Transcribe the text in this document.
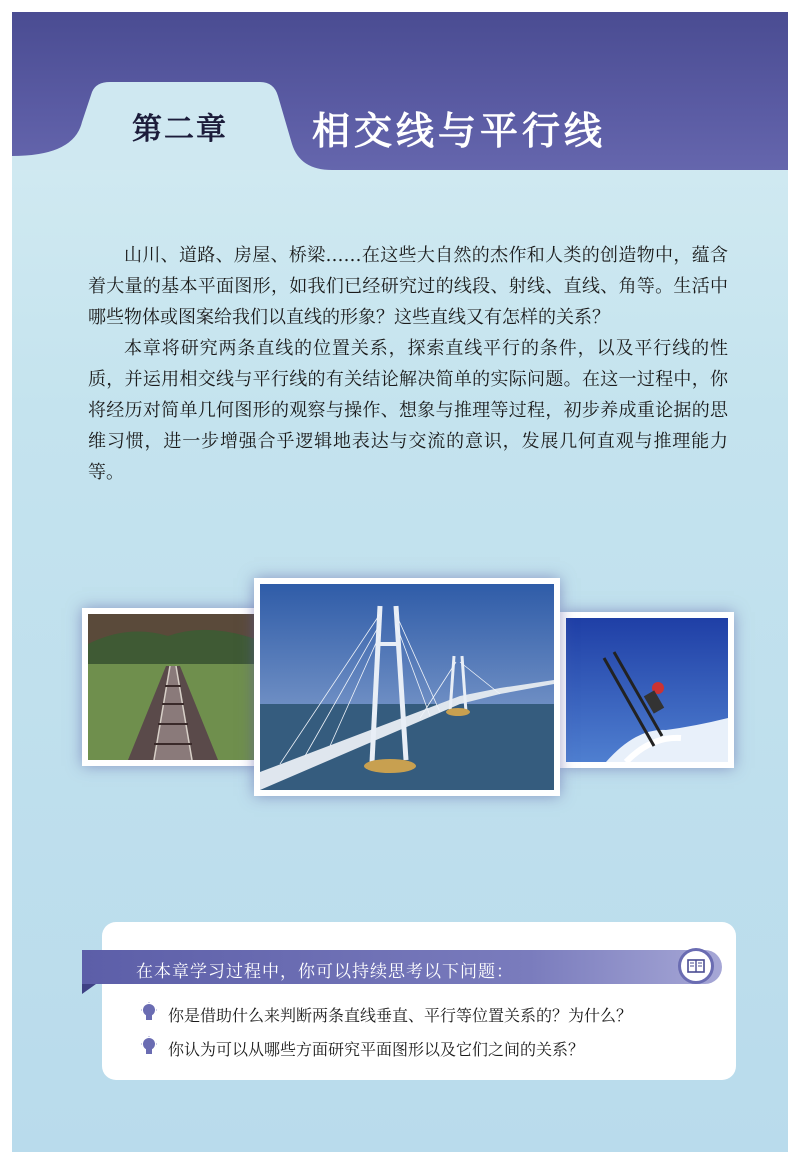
第二章 相交线与平行线

山川、道路、房屋、桥梁……在这些大自然的杰作和人类的创造物中，蕴含着大量的基本平面图形，如我们已经研究过的线段、射线、直线、角等。生活中哪些物体或图案给我们以直线的形象？这些直线又有怎样的关系？

本章将研究两条直线的位置关系，探索直线平行的条件，以及平行线的性质，并运用相交线与平行线的有关结论解决简单的实际问题。在这一过程中，你将经历对简单几何图形的观察与操作、想象与推理等过程，初步养成重论据的思维习惯，进一步增强合乎逻辑地表达与交流的意识，发展几何直观与推理能力等。

在本章学习过程中，你可以持续思考以下问题：
你是借助什么来判断两条直线垂直、平行等位置关系的？为什么？
你认为可以从哪些方面研究平面图形以及它们之间的关系？
